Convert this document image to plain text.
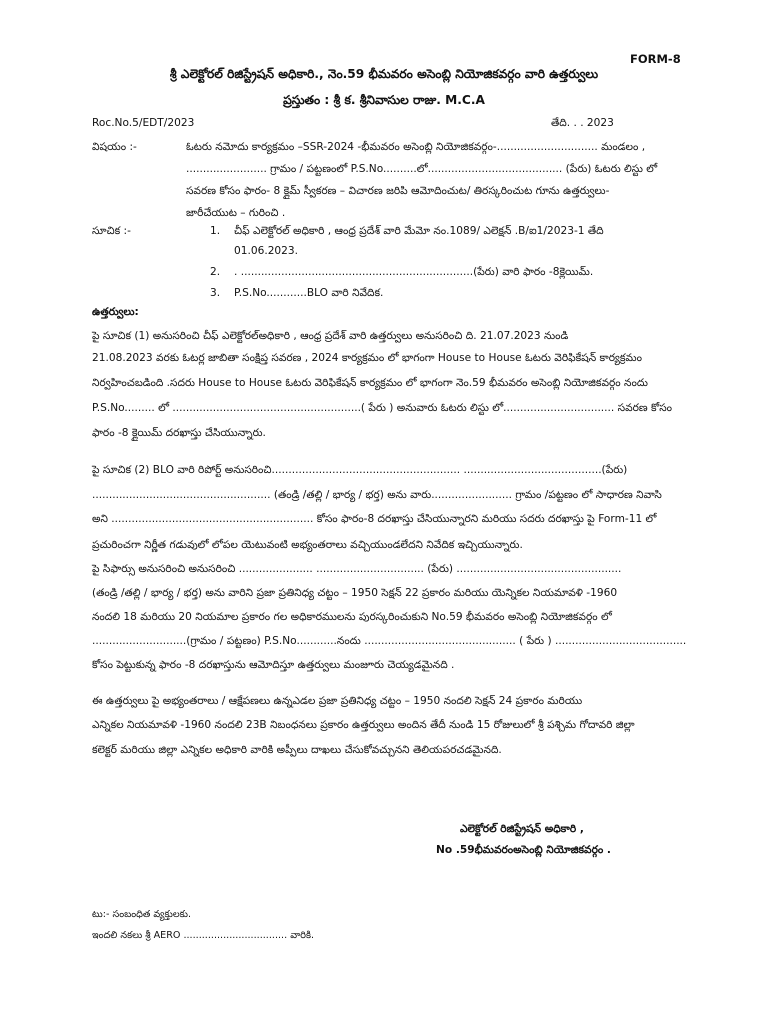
FORM-8
శ్రీ ఎలెక్టోరల్ రిజిస్ట్రేషన్ అధికారి., నెం.59 భీమవరం అసెంబ్లి నియోజికవర్గం వారి ఉత్తర్వులు
ప్రస్తుతం : శ్రీ క. శ్రీనివాసుల రాజు. M.C.A
Roc.No.5/EDT/2023	తేది. . . 2023
విషయం :-	ఓటరు నమోదు కార్యక్రమం –SSR-2024 -భీమవరం అసెంబ్లి నియోజికవర్గం-.............................. మండలం ,
........................ గ్రామం / పట్టణంలో P.S.No..........లో........................................ (పేరు) ఓటరు లిస్టు లో
సవరణ కోసం ఫారం- 8 క్లైమ్ స్వీకరణ – విచారణ జరిపి ఆమోదించుట/ తిరస్కరించుట గూను ఉత్తర్వులు-
జారీచేయుట – గురించి .
సూచిక :-	1. చీఫ్ ఎలెక్టోరల్ అధికారి , ఆంధ్ర ప్రదేశ్ వారి మేమో నం.1089/ ఎలెక్షన్ .B/ఐ1/2023-1 తేది
01.06.2023.
2. . .....................................................................(పేరు) వారి ఫారం -8క్లెయిమ్.
3. P.S.No............BLO వారి నివేదిక.
ఉత్తర్వులు:
పై సూచిక (1) అనుసరించి చీఫ్ ఎలెక్టోరల్అధికారి , ఆంధ్ర ప్రదేశ్ వారి ఉత్తర్వులు అనుసరించి ది. 21.07.2023 నుండి
21.08.2023 వరకు ఓటర్ల జాబితా సంక్షిప్త సవరణ , 2024 కార్యక్రమం లో భాగంగా House to House ఓటరు వెరిఫికేషన్ కార్యక్రమం
నిర్వహించబడింది .సదరు House to House ఓటరు వెరిఫికేషన్ కార్యక్రమం లో భాగంగా నెం.59 భీమవరం అసెంబ్లి నియోజికవర్గం నందు
P.S.No......... లో ........................................................( పేరు ) అనువారు ఓటరు లిస్టు లో................................. సవరణ కోసం
ఫారం -8 క్లైయిమ్ దరఖాస్తు చేసియున్నారు.
పై సూచిక (2) BLO వారి రిపోర్ట్ అనుసరించి........................................................ .........................................(పేరు)
..................................................... (తండ్రి /తల్లి / భార్య / భర్త) అను వారు........................ గ్రామం /పట్టణం లో సాధారణ నివాసి
అని ............................................................ కోసం ఫారం-8 దరఖాస్తు చేసియున్నారని మరియు సదరు దరఖాస్తు పై Form-11 లో
ప్రచురించగా నిర్ణీత గడువులో లోపల యెటువంటి అభ్యంతరాలు వచ్చియుండలేదని నివేదిక ఇచ్చియున్నారు.
పై సిఫార్సు అనుసరించి అనుసరించి ...................... ................................ (పేరు) .................................................
(తండ్రి /తల్లి / భార్య / భర్త) అను వారిని ప్రజా ప్రతినిధ్య చట్టం – 1950 సెక్షన్ 22 ప్రకారం మరియు యెన్నికల నియమావళి -1960
నందలి 18 మరియు 20 నియమాల ప్రకారం గల అధికారములను పురస్కరించుకుని No.59 భీమవరం అసెంబ్లి నియోజికవర్గం లో
............................(గ్రామం / పట్టణం) P.S.No............నందు ............................................. ( పేరు ) .......................................
కోసం పెట్టుకున్న ఫారం -8 దరఖాస్తును ఆమోదిస్తూ ఉత్తర్వులు మంజూరు చెయ్యడమైనది .
ఈ ఉత్తర్వులు పై అభ్యంతరాలు / ఆక్షేపణలు ఉన్నఎడల ప్రజా ప్రతినిధ్య చట్టం – 1950 నందలి సెక్షన్ 24 ప్రకారం మరియు
ఎన్నికల నియమావళి -1960 నందలి 23B నిబంధనలు ప్రకారం ఉత్తర్వులు అందిన తేదీ నుండి 15 రోజులులో శ్రీ పశ్చిమ గోదావరి జిల్లా
కలెక్టర్ మరియు జిల్లా ఎన్నికల అధికారి వారికి అప్పీలు దాఖలు చేసుకోవచ్చునని తెలియపరచడమైనది.
ఎలెక్టోరల్ రిజిస్ట్రేషన్ అధికారి ,
No .59భీమవరంఅసెంబ్లి నియోజికవర్గం .
టు:- సంబంధిత వ్యక్తులకు.
ఇందలి నకలు శ్రీ AERO .................................. వారికి.
